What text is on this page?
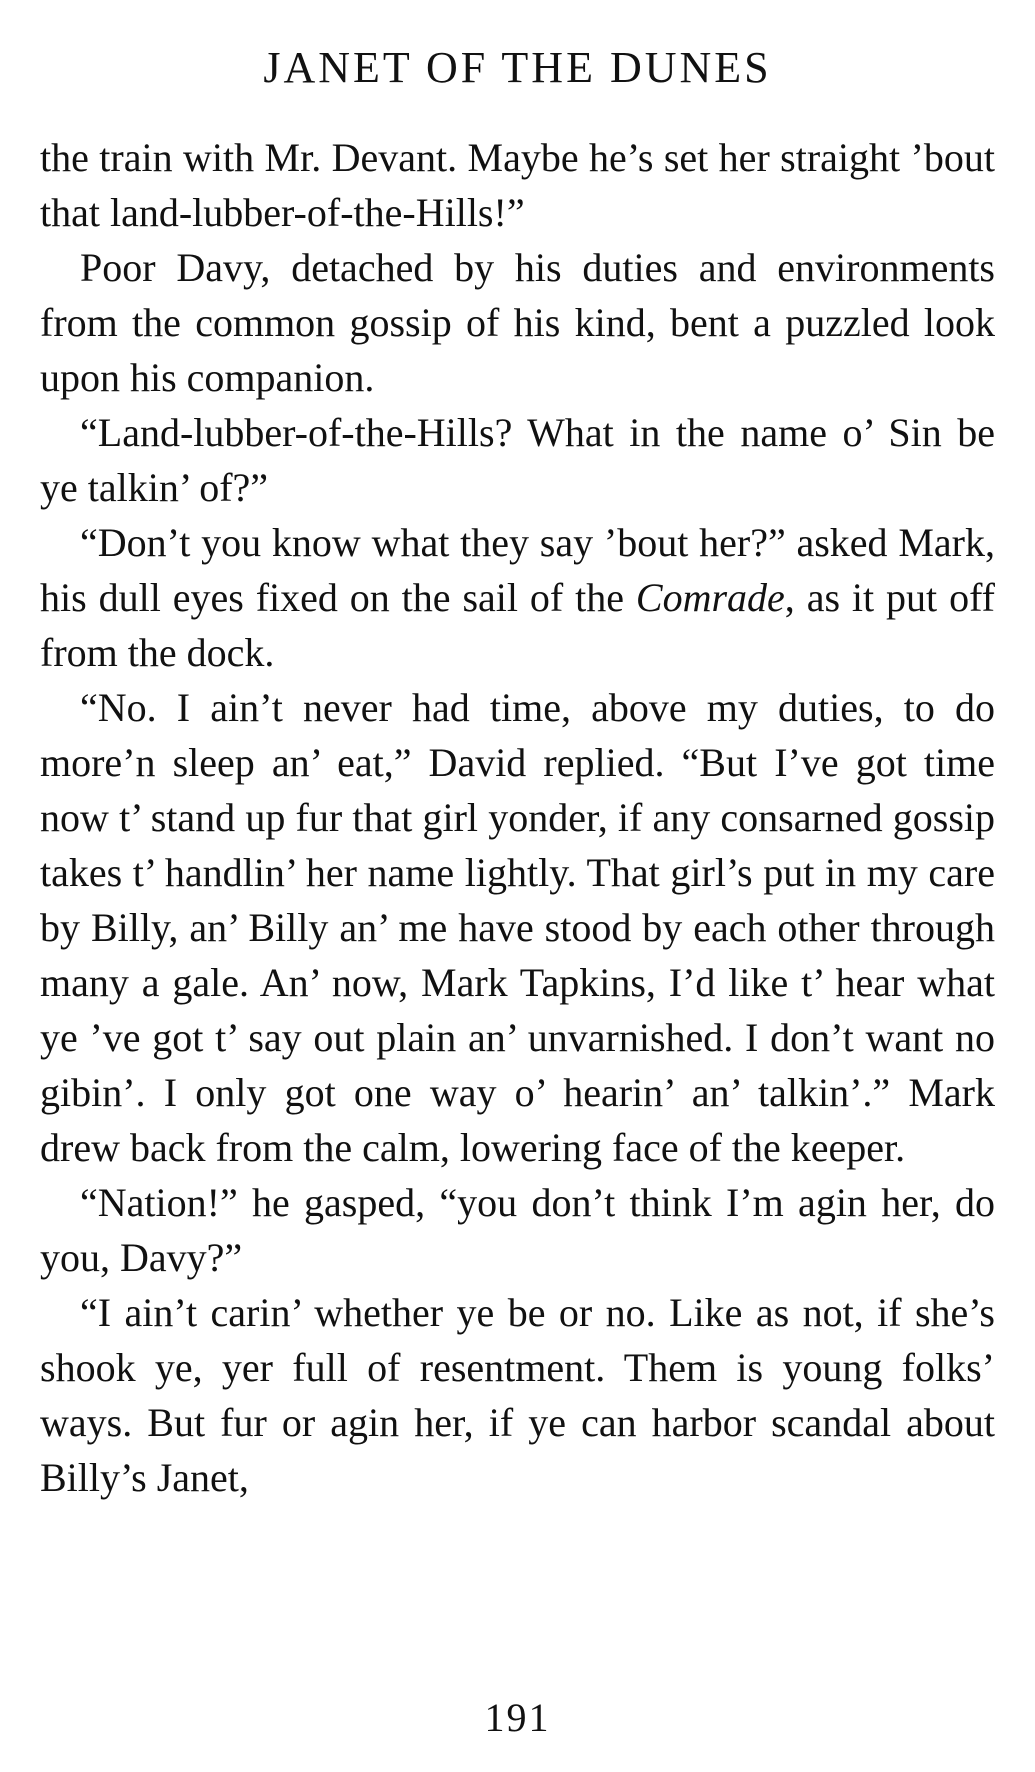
JANET OF THE DUNES

the train with Mr. Devant. Maybe he’s set her straight ’bout that land-lubber-of-the-Hills!”

Poor Davy, detached by his duties and environments from the common gossip of his kind, bent a puzzled look upon his companion.

“Land-lubber-of-the-Hills? What in the name o’ Sin be ye talkin’ of?”

“Don’t you know what they say ’bout her?” asked Mark, his dull eyes fixed on the sail of the Comrade, as it put off from the dock.

“No. I ain’t never had time, above my duties, to do more’n sleep an’ eat,” David replied. “But I’ve got time now t’ stand up fur that girl yonder, if any consarned gossip takes t’ handlin’ her name lightly. That girl’s put in my care by Billy, an’ Billy an’ me have stood by each other through many a gale. An’ now, Mark Tapkins, I’d like t’ hear what ye ’ve got t’ say out plain an’ unvarnished. I don’t want no gibin’. I only got one way o’ hearin’ an’ talkin’.” Mark drew back from the calm, lowering face of the keeper.

“Nation!” he gasped, “you don’t think I’m agin her, do you, Davy?”

“I ain’t carin’ whether ye be or no. Like as not, if she’s shook ye, yer full of resentment. Them is young folks’ ways. But fur or agin her, if ye can harbor scandal about Billy’s Janet,

191
